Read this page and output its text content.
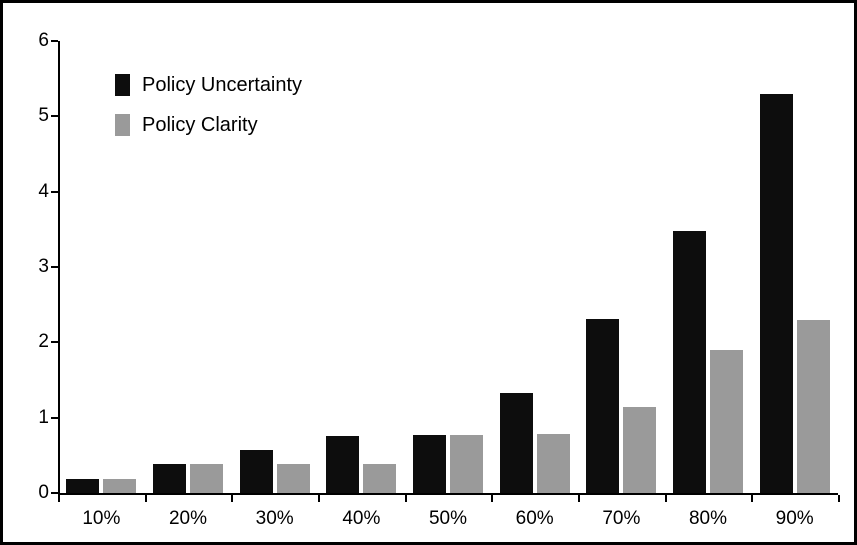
0
1
2
3
4
5
6
Policy Uncertainty
Policy Clarity
10%	20%	30%	40%	50%	60%	70%	80%	90%
